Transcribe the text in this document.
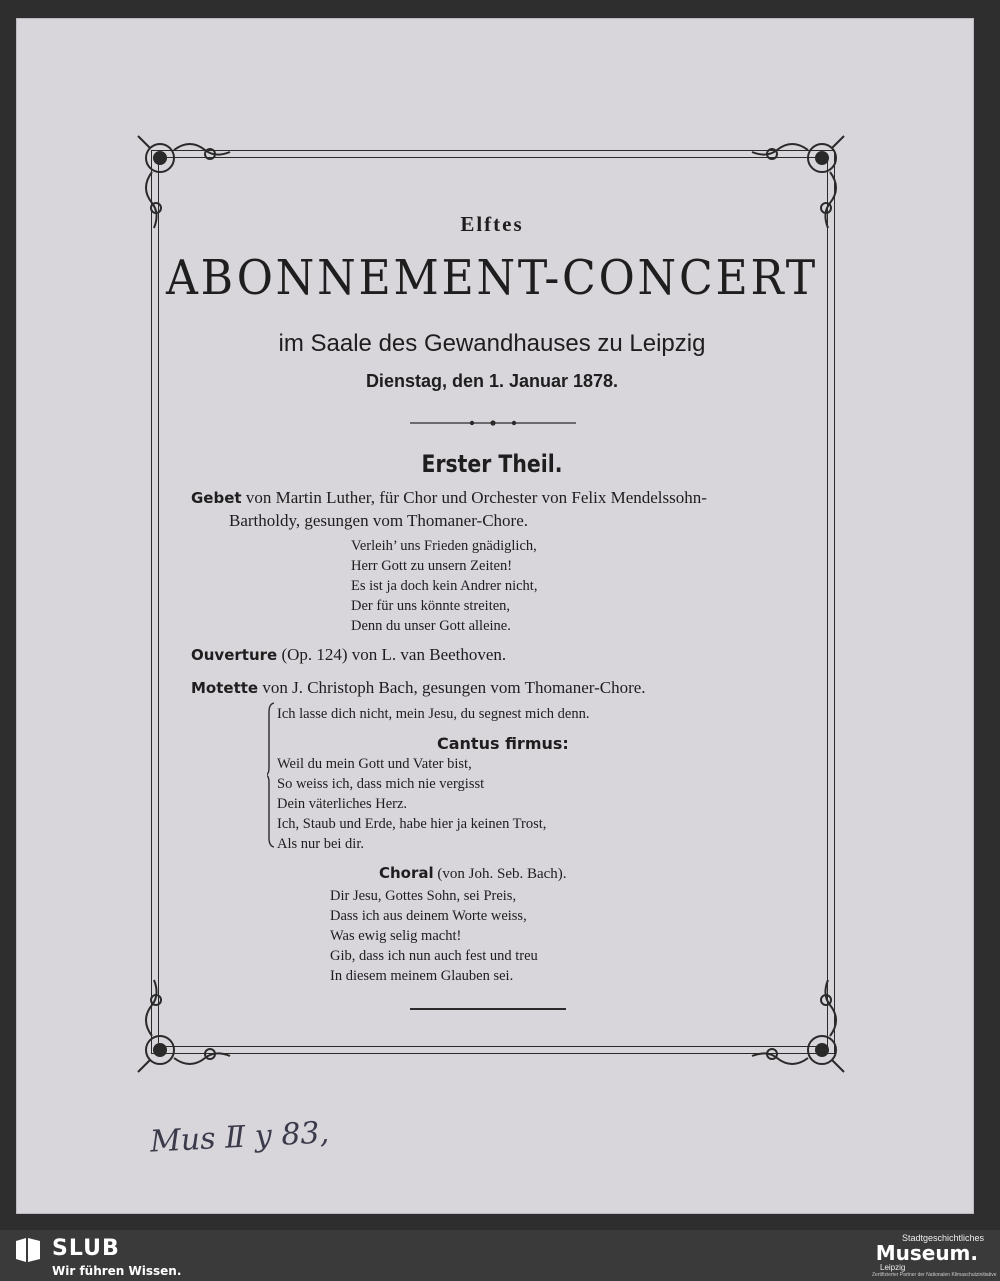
Elftes
ABONNEMENT-CONCERT
im Saale des Gewandhauses zu Leipzig
Dienstag, den 1. Januar 1878.
Erster Theil.
Gebet von Martin Luther, für Chor und Orchester von Felix Mendelssohn-
Bartholdy, gesungen vom Thomaner-Chore.
Verleih’ uns Frieden gnädiglich,
Herr Gott zu unsern Zeiten!
Es ist ja doch kein Andrer nicht,
Der für uns könnte streiten,
Denn du unser Gott alleine.
Ouverture (Op. 124) von L. van Beethoven.
Motette von J. Christoph Bach, gesungen vom Thomaner-Chore.
Ich lasse dich nicht, mein Jesu, du segnest mich denn.
Cantus firmus:
Weil du mein Gott und Vater bist,
So weiss ich, dass mich nie vergisst
Dein väterliches Herz.
Ich, Staub und Erde, habe hier ja keinen Trost,
Als nur bei dir.
Choral (von Joh. Seb. Bach).
Dir Jesu, Gottes Sohn, sei Preis,
Dass ich aus deinem Worte weiss,
Was ewig selig macht!
Gib, dass ich nun auch fest und treu
In diesem meinem Glauben sei.
Mus Ⅱ y 83,
SLUB
Wir führen Wissen.
Stadtgeschichtliches
Museum.
Leipzig
Zertifizierter Partner der Nationalen Klimaschutzinitiative
